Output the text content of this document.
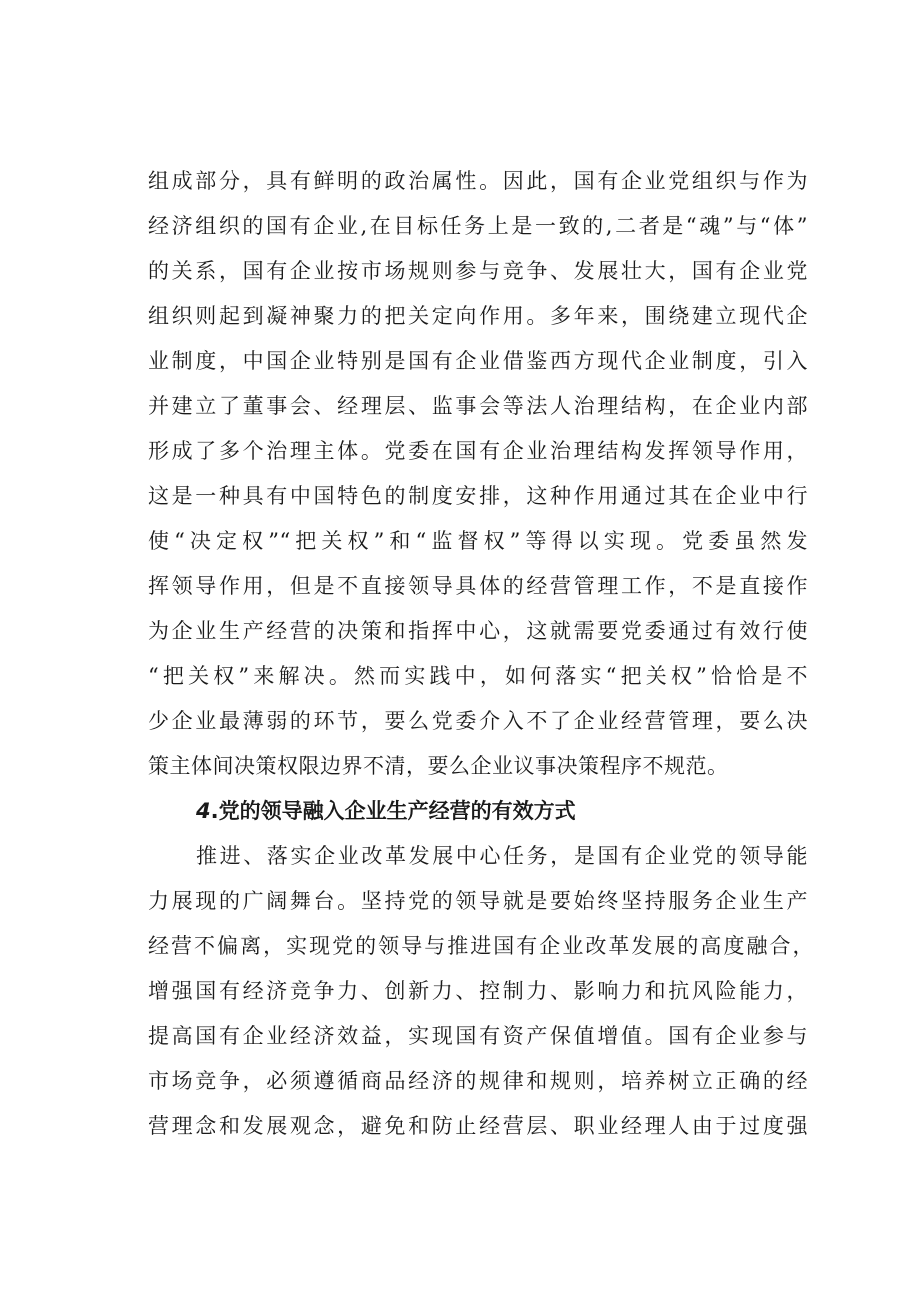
组成部分，具有鲜明的政治属性。因此，国有企业党组织与作为
经济组织的国有企业,在目标任务上是一致的,二者是“魂”与“体”
的关系，国有企业按市场规则参与竞争、发展壮大，国有企业党
组织则起到凝神聚力的把关定向作用。多年来，围绕建立现代企
业制度，中国企业特别是国有企业借鉴西方现代企业制度，引入
并建立了董事会、经理层、监事会等法人治理结构，在企业内部
形成了多个治理主体。党委在国有企业治理结构发挥领导作用，
这是一种具有中国特色的制度安排，这种作用通过其在企业中行
使“决定权”“把关权”和“监督权”等得以实现。党委虽然发
挥领导作用，但是不直接领导具体的经营管理工作，不是直接作
为企业生产经营的决策和指挥中心，这就需要党委通过有效行使
“把关权”来解决。然而实践中，如何落实“把关权”恰恰是不
少企业最薄弱的环节，要么党委介入不了企业经营管理，要么决
策主体间决策权限边界不清，要么企业议事决策程序不规范。
4.党的领导融入企业生产经营的有效方式
推进、落实企业改革发展中心任务，是国有企业党的领导能
力展现的广阔舞台。坚持党的领导就是要始终坚持服务企业生产
经营不偏离，实现党的领导与推进国有企业改革发展的高度融合，
增强国有经济竞争力、创新力、控制力、影响力和抗风险能力，
提高国有企业经济效益，实现国有资产保值增值。国有企业参与
市场竞争，必须遵循商品经济的规律和规则，培养树立正确的经
营理念和发展观念，避免和防止经营层、职业经理人由于过度强
